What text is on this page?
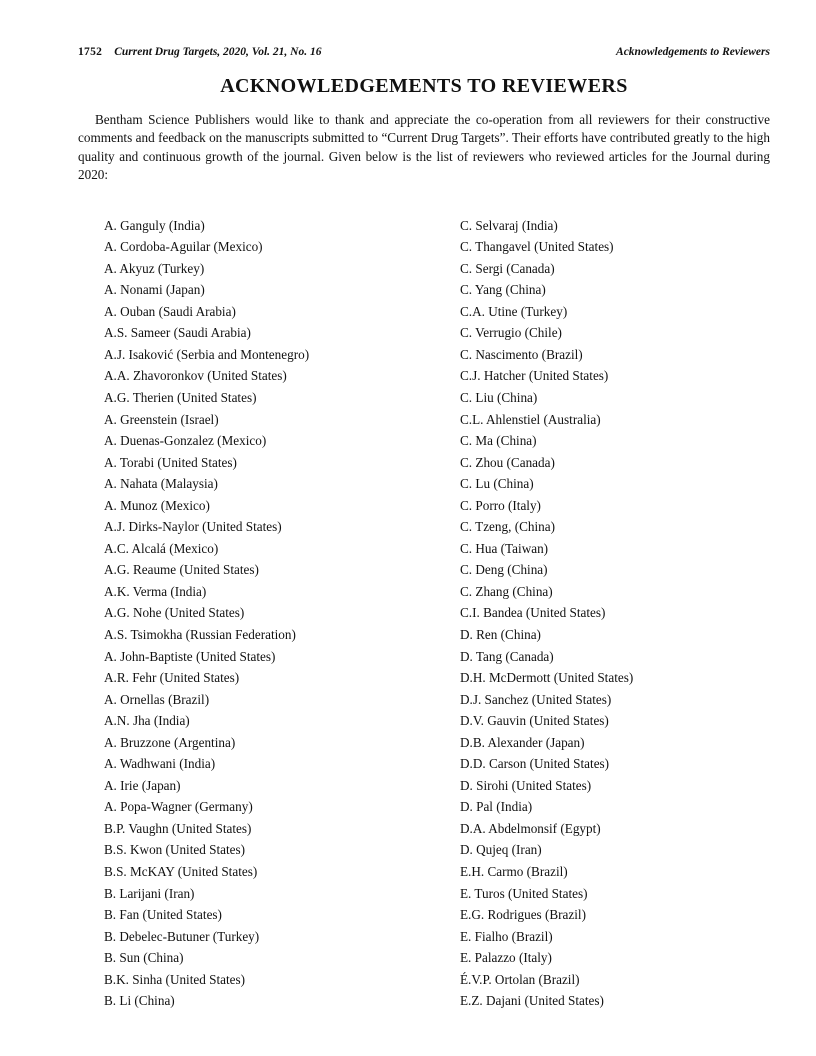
1752 Current Drug Targets, 2020, Vol. 21, No. 16	Acknowledgements to Reviewers
ACKNOWLEDGEMENTS TO REVIEWERS

Bentham Science Publishers would like to thank and appreciate the co-operation from all reviewers for their constructive comments and feedback on the manuscripts submitted to “Current Drug Targets”. Their efforts have contributed greatly to the high quality and continuous growth of the journal. Given below is the list of reviewers who reviewed articles for the Journal during 2020:

A. Ganguly (India)
A. Cordoba-Aguilar (Mexico)
A. Akyuz (Turkey)
A. Nonami (Japan)
A. Ouban (Saudi Arabia)
A.S. Sameer (Saudi Arabia)
A.J. Isaković (Serbia and Montenegro)
A.A. Zhavoronkov (United States)
A.G. Therien (United States)
A. Greenstein (Israel)
A. Duenas-Gonzalez (Mexico)
A. Torabi (United States)
A. Nahata (Malaysia)
A. Munoz (Mexico)
A.J. Dirks-Naylor (United States)
A.C. Alcalá (Mexico)
A.G. Reaume (United States)
A.K. Verma (India)
A.G. Nohe (United States)
A.S. Tsimokha (Russian Federation)
A. John-Baptiste (United States)
A.R. Fehr (United States)
A. Ornellas (Brazil)
A.N. Jha (India)
A. Bruzzone (Argentina)
A. Wadhwani (India)
A. Irie (Japan)
A. Popa-Wagner (Germany)
B.P. Vaughn (United States)
B.S. Kwon (United States)
B.S. McKAY (United States)
B. Larijani (Iran)
B. Fan (United States)
B. Debelec-Butuner (Turkey)
B. Sun (China)
B.K. Sinha (United States)
B. Li (China)
C. Selvaraj (India)
C. Thangavel (United States)
C. Sergi (Canada)
C. Yang (China)
C.A. Utine (Turkey)
C. Verrugio (Chile)
C. Nascimento (Brazil)
C.J. Hatcher (United States)
C. Liu (China)
C.L. Ahlenstiel (Australia)
C. Ma (China)
C. Zhou (Canada)
C. Lu (China)
C. Porro (Italy)
C. Tzeng, (China)
C. Hua (Taiwan)
C. Deng (China)
C. Zhang (China)
C.I. Bandea (United States)
D. Ren (China)
D. Tang (Canada)
D.H. McDermott (United States)
D.J. Sanchez (United States)
D.V. Gauvin (United States)
D.B. Alexander (Japan)
D.D. Carson (United States)
D. Sirohi (United States)
D. Pal (India)
D.A. Abdelmonsif (Egypt)
D. Qujeq (Iran)
E.H. Carmo (Brazil)
E. Turos (United States)
E.G. Rodrigues (Brazil)
E. Fialho (Brazil)
E. Palazzo (Italy)
É.V.P. Ortolan (Brazil)
E.Z. Dajani (United States)
